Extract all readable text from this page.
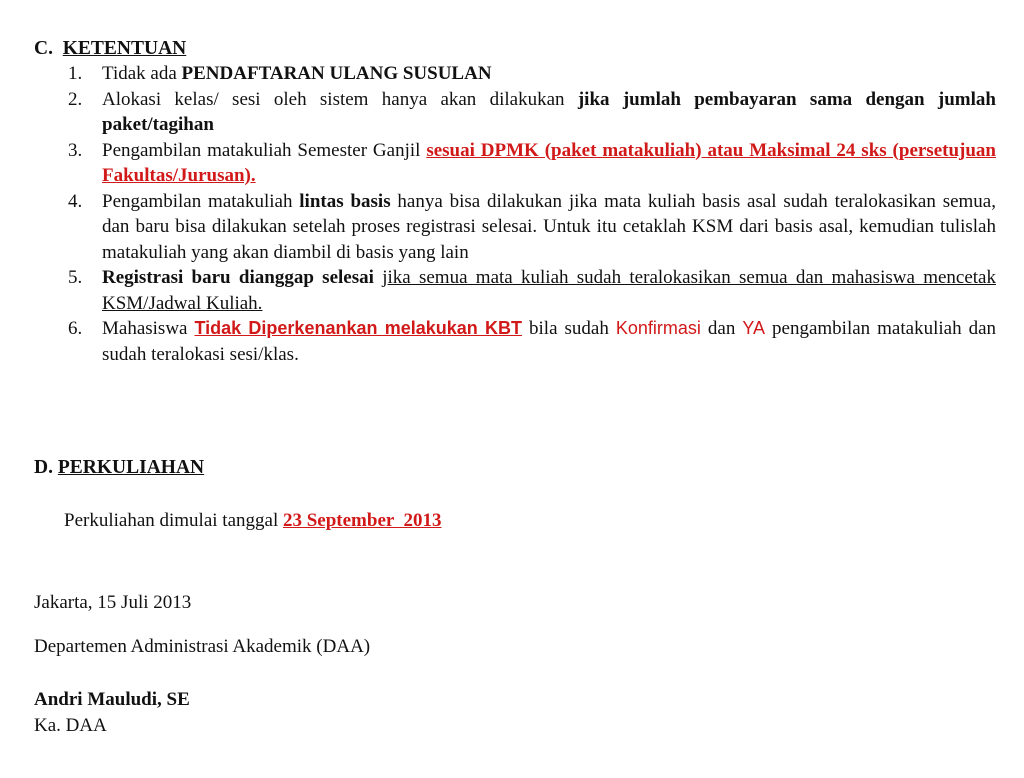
C. KETENTUAN
1. Tidak ada PENDAFTARAN ULANG SUSULAN
2. Alokasi kelas/ sesi oleh sistem hanya akan dilakukan jika jumlah pembayaran sama dengan jumlah paket/tagihan
3. Pengambilan matakuliah Semester Ganjil sesuai DPMK (paket matakuliah) atau Maksimal 24 sks (persetujuan Fakultas/Jurusan).
4. Pengambilan matakuliah lintas basis hanya bisa dilakukan jika mata kuliah basis asal sudah teralokasikan semua, dan baru bisa dilakukan setelah proses registrasi selesai. Untuk itu cetaklah KSM dari basis asal, kemudian tulislah matakuliah yang akan diambil di basis yang lain
5. Registrasi baru dianggap selesai jika semua mata kuliah sudah teralokasikan semua dan mahasiswa mencetak KSM/Jadwal Kuliah.
6. Mahasiswa Tidak Diperkenankan melakukan KBT bila sudah Konfirmasi dan YA pengambilan matakuliah dan sudah teralokasi sesi/klas.
D. PERKULIAHAN
Perkuliahan dimulai tanggal 23 September  2013
Jakarta, 15 Juli 2013
Departemen Administrasi Akademik (DAA)
Andri Mauludi, SE
Ka. DAA
